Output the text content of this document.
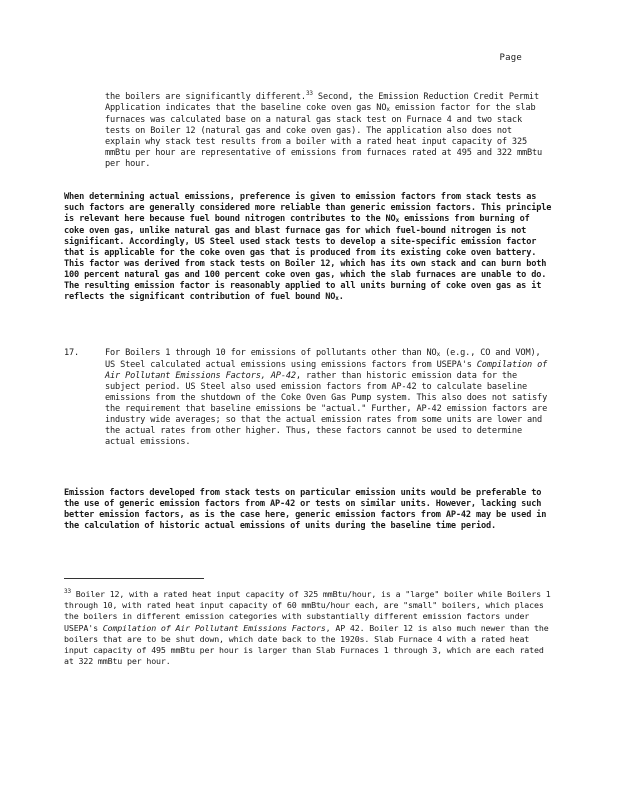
Page

the boilers are significantly different.$^{33}$ Second, the Emission Reduction Credit Permit Application indicates that the baseline coke oven gas NOx emission factor for the slab furnaces was calculated base on a natural gas stack test on Furnace 4 and two stack tests on Boiler 12 (natural gas and coke oven gas). The application also does not explain why stack test results from a boiler with a rated heat input capacity of 325 mmBtu per hour are representative of emissions from furnaces rated at 495 and 322 mmBtu per hour.

When determining actual emissions, preference is given to emission factors from stack tests as such factors are generally considered more reliable than generic emission factors. This principle is relevant here because fuel bound nitrogen contributes to the NOx emissions from burning of coke oven gas, unlike natural gas and blast furnace gas for which fuel-bound nitrogen is not significant. Accordingly, US Steel used stack tests to develop a site-specific emission factor that is applicable for the coke oven gas that is produced from its existing coke oven battery. This factor was derived from stack tests on Boiler 12, which has its own stack and can burn both 100 percent natural gas and 100 percent coke oven gas, which the slab furnaces are unable to do. The resulting emission factor is reasonably applied to all units burning of coke oven gas as it reflects the significant contribution of fuel bound NOx.

17.	For Boilers 1 through 10 for emissions of pollutants other than NOx (e.g., CO and VOM), US Steel calculated actual emissions using emissions factors from USEPA's Compilation of Air Pollutant Emissions Factors, AP-42, rather than historic emission data for the subject period. US Steel also used emission factors from AP-42 to calculate baseline emissions from the shutdown of the Coke Oven Gas Pump system. This also does not satisfy the requirement that baseline emissions be "actual." Further, AP-42 emission factors are industry wide averages; so that the actual emission rates from some units are lower and the actual rates from other higher. Thus, these factors cannot be used to determine actual emissions.

Emission factors developed from stack tests on particular emission units would be preferable to the use of generic emission factors from AP-42 or tests on similar units. However, lacking such better emission factors, as is the case here, generic emission factors from AP-42 may be used in the calculation of historic actual emissions of units during the baseline time period.

$^{33}$ Boiler 12, with a rated heat input capacity of 325 mmBtu/hour, is a "large" boiler while Boilers 1 through 10, with rated heat input capacity of 60 mmBtu/hour each, are "small" boilers, which places the boilers in different emission categories with substantially different emission factors under USEPA's Compilation of Air Pollutant Emissions Factors, AP 42. Boiler 12 is also much newer than the boilers that are to be shut down, which date back to the 1920s. Slab Furnace 4 with a rated heat input capacity of 495 mmBtu per hour is larger than Slab Furnaces 1 through 3, which are each rated at 322 mmBtu per hour.
